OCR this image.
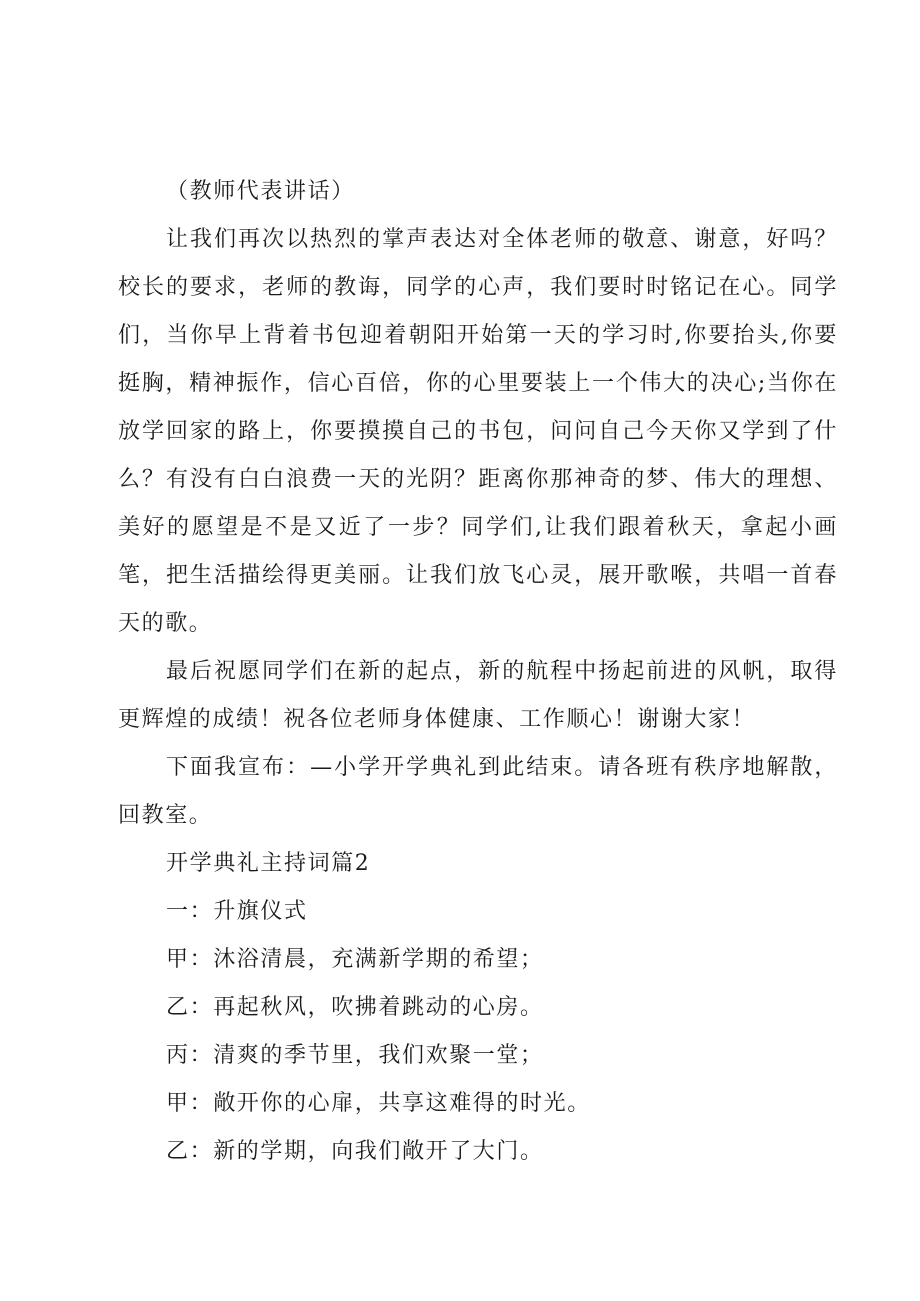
（教师代表讲话）

让我们再次以热烈的掌声表达对全体老师的敬意、谢意，好吗？校长的要求，老师的教诲，同学的心声，我们要时时铭记在心。同学们，当你早上背着书包迎着朝阳开始第一天的学习时,你要抬头,你要挺胸，精神振作，信心百倍，你的心里要装上一个伟大的决心;当你在放学回家的路上，你要摸摸自己的书包，问问自己今天你又学到了什么？有没有白白浪费一天的光阴？距离你那神奇的梦、伟大的理想、美好的愿望是不是又近了一步？同学们,让我们跟着秋天，拿起小画笔，把生活描绘得更美丽。让我们放飞心灵，展开歌喉，共唱一首春天的歌。

最后祝愿同学们在新的起点，新的航程中扬起前进的风帆，取得更辉煌的成绩！祝各位老师身体健康、工作顺心！谢谢大家！

下面我宣布：—小学开学典礼到此结束。请各班有秩序地解散，回教室。

开学典礼主持词篇2

一：升旗仪式

甲：沐浴清晨，充满新学期的希望；

乙：再起秋风，吹拂着跳动的心房。

丙：清爽的季节里，我们欢聚一堂；

甲：敞开你的心扉，共享这难得的时光。

乙：新的学期，向我们敞开了大门。
